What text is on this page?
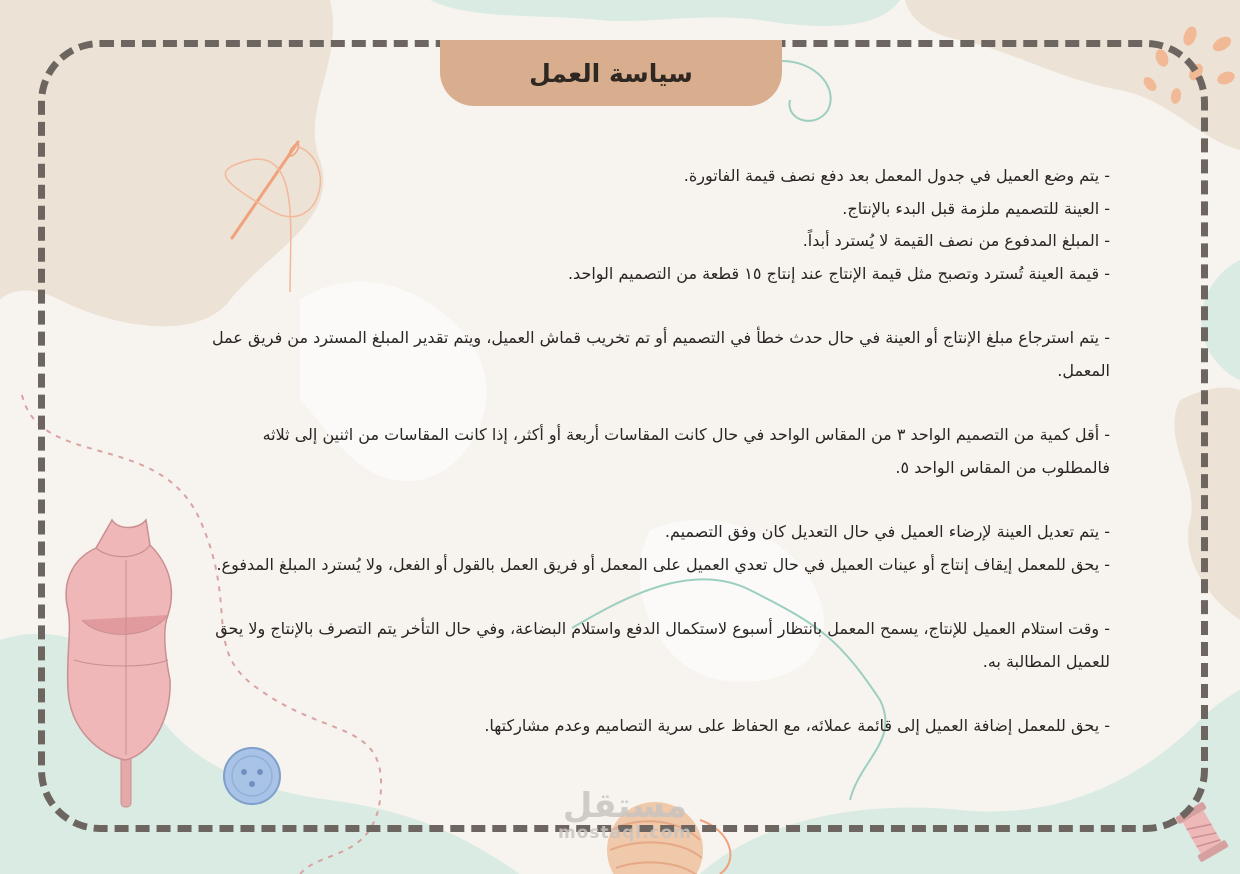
سياسة العمل

- يتم وضع العميل في جدول المعمل بعد دفع نصف قيمة الفاتورة.

- العينة للتصميم ملزمة قبل البدء بالإنتاج.

- المبلغ المدفوع من نصف القيمة لا يُسترد أبداً.

- قيمة العينة تُسترد وتصبح مثل قيمة الإنتاج عند إنتاج ١٥ قطعة من التصميم الواحد.

- يتم استرجاع مبلغ الإنتاج أو العينة في حال حدث خطأ في التصميم أو تم تخريب قماش العميل، ويتم تقدير المبلغ المسترد من فريق عمل المعمل.

- أقل كمية من التصميم الواحد ٣ من المقاس الواحد في حال كانت المقاسات أربعة أو أكثر، إذا كانت المقاسات من اثنين إلى ثلاثه فالمطلوب من المقاس الواحد ٥.

- يتم تعديل العينة لإرضاء العميل في حال التعديل كان وفق التصميم.

- يحق للمعمل إيقاف إنتاج أو عينات العميل في حال تعدي العميل على المعمل أو فريق العمل بالقول أو الفعل، ولا يُسترد المبلغ المدفوع.

- وقت استلام العميل للإنتاج، يسمح المعمل بانتظار أسبوع لاستكمال الدفع واستلام البضاعة، وفي حال التأخر يتم التصرف بالإنتاج ولا يحق للعميل المطالبة به.

- يحق للمعمل إضافة العميل إلى قائمة عملائه، مع الحفاظ على سرية التصاميم وعدم مشاركتها.

مستقل
mostaql.com
